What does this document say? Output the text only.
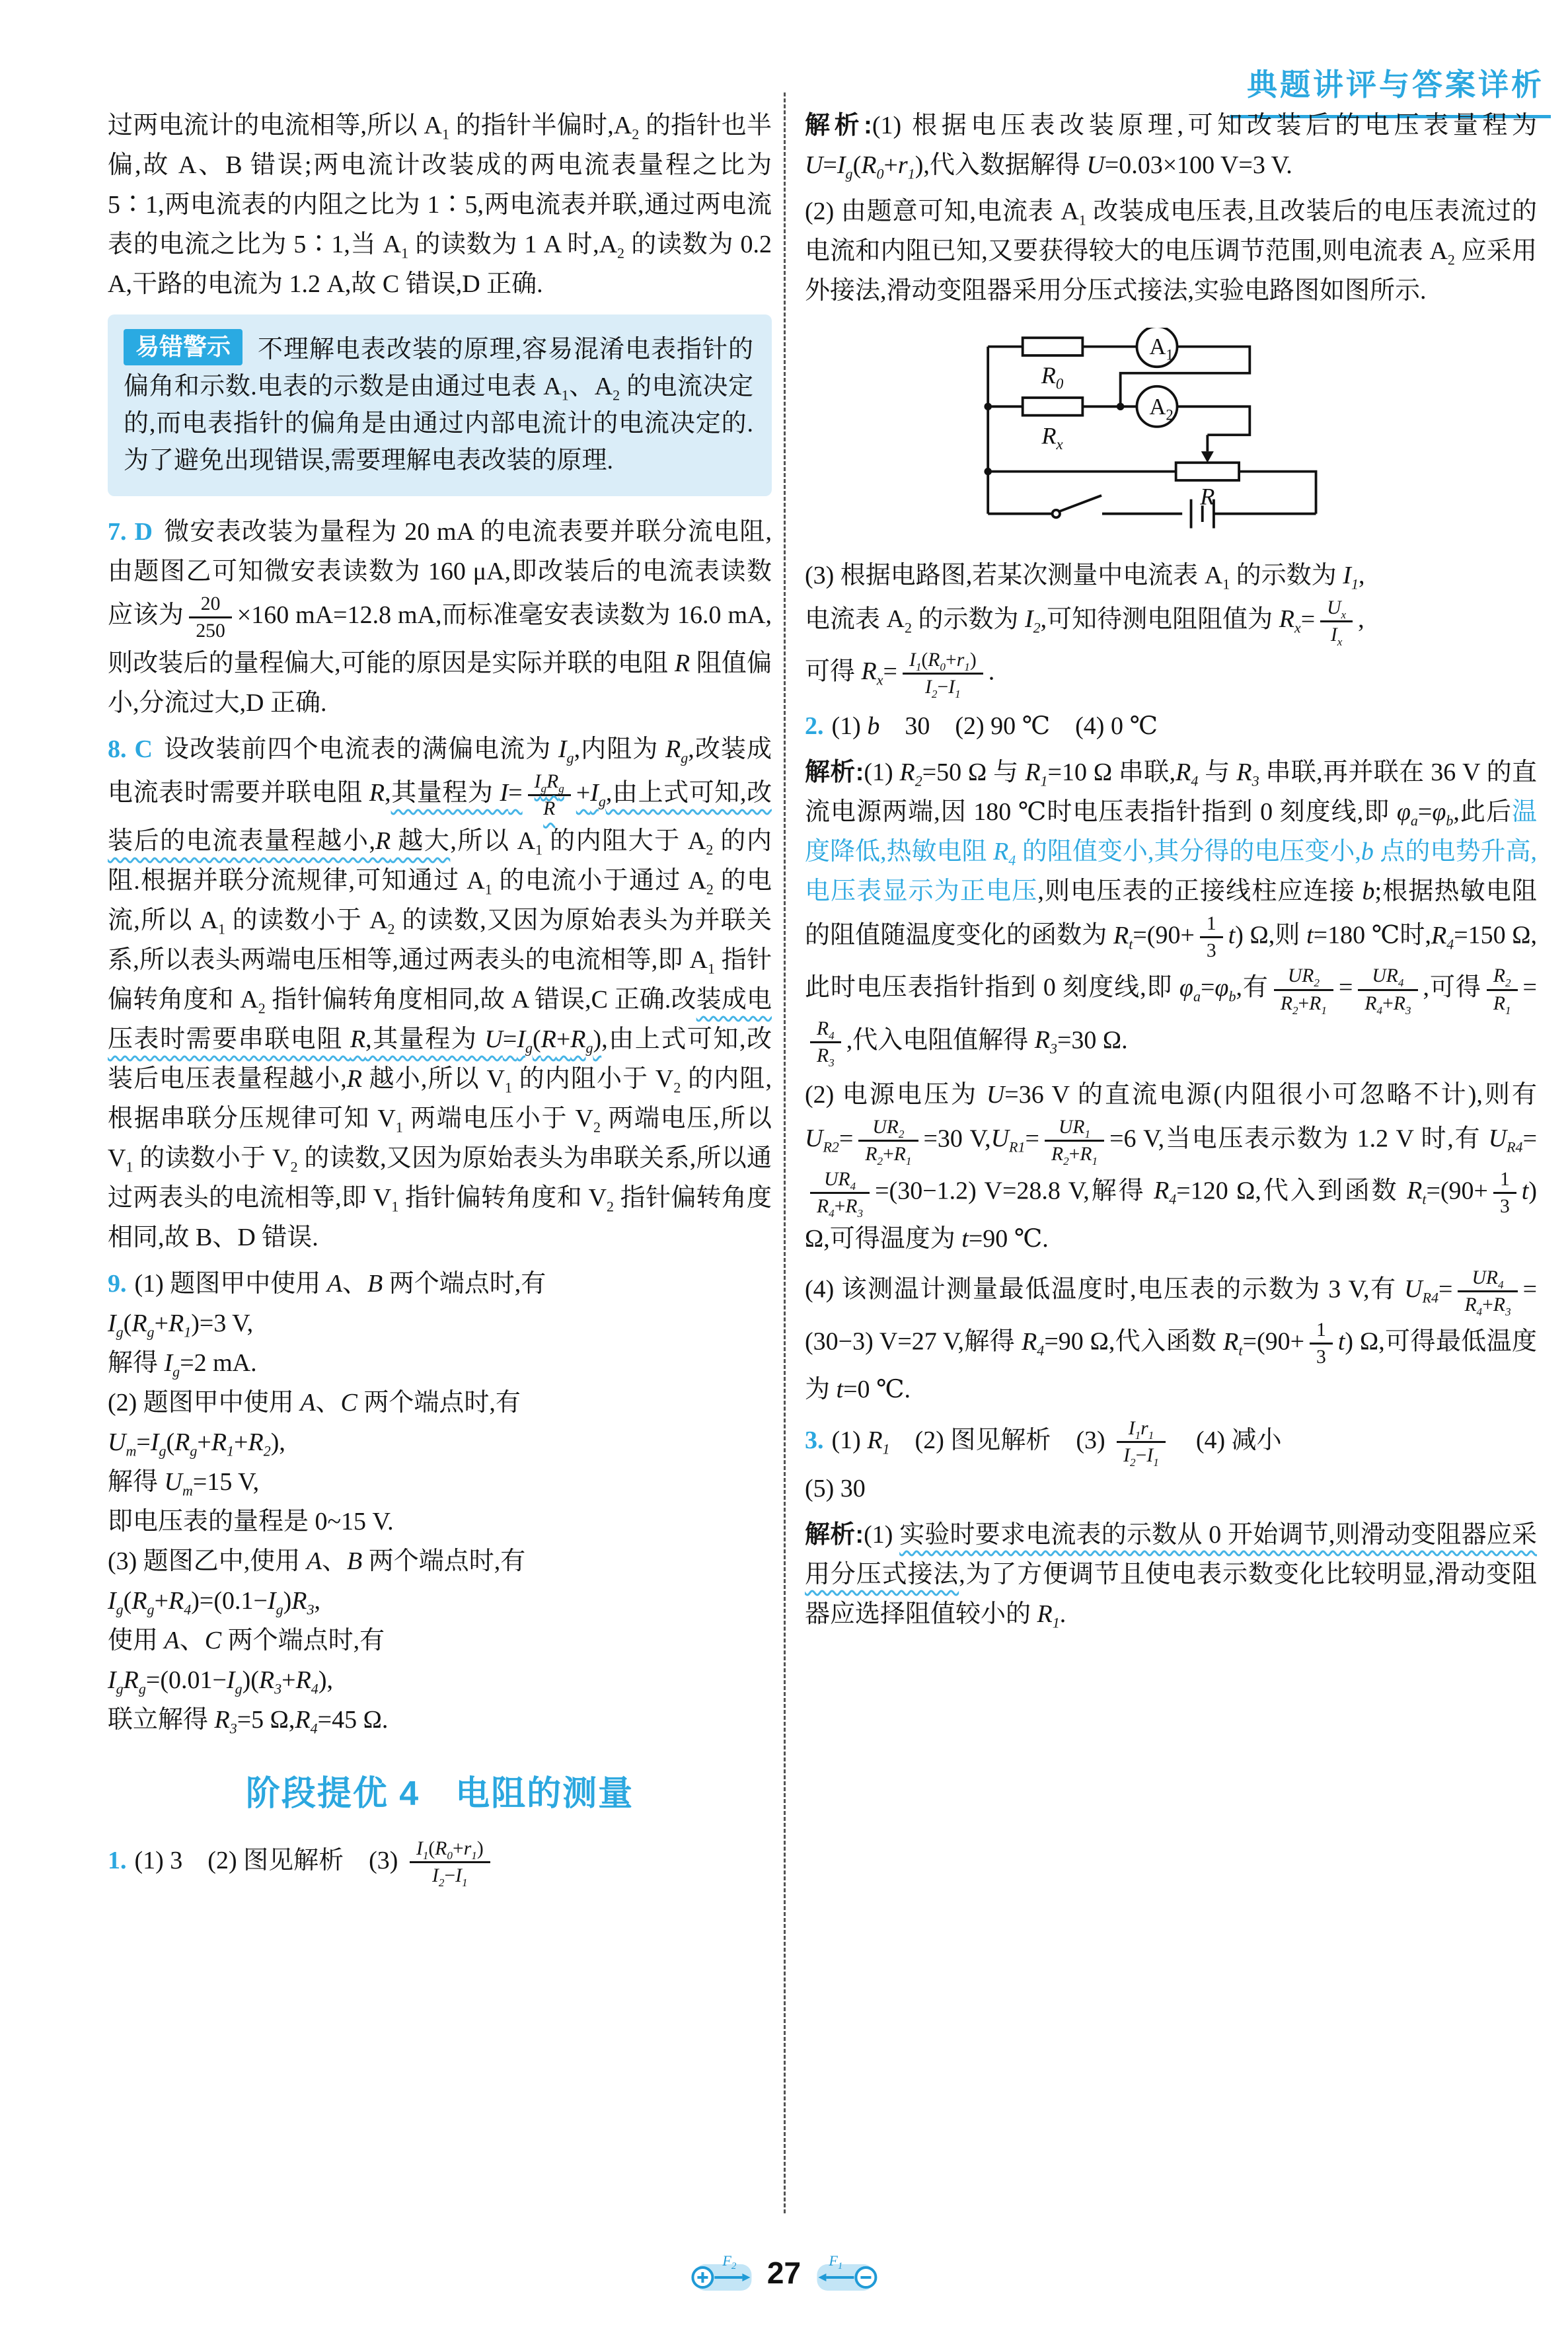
典题讲评与答案详析

过两电流计的电流相等,所以 $A_1$ 的指针半偏时$,A_2$ 的指针也半偏,故 A、B 错误;两电流计改装成的两电流表量程之比为 5∶1,两电流表的内阻之比为 1∶5,两电流表并联,通过两电流表的电流之比为 5∶1,当 $A_1$ 的读数为 1 A 时$,A_2$ 的读数为 0.2 A,干路的电流为 1.2 A,故 C 错误,D 正确.

易错警示 不理解电表改装的原理,容易混淆电表指针的偏角和示数.电表的示数是由通过电表 $A_1$、$A_2$ 的电流决定的,而电表指针的偏角是由通过内部电流计的电流决定的.为了避免出现错误,需要理解电表改装的原理.

7. D 微安表改装为量程为 20 mA 的电流表要并联分流电阻,由题图乙可知微安表读数为 160 μA,即改装后的电流表读数应该为 $\frac{20}{250} \times 160$ mA=12.8 mA,而标准毫安表读数为 16.0 mA,则改装后的量程偏大,可能的原因是实际并联的电阻 R 阻值偏小,分流过大,D 正确.

8. C 设改装前四个电流表的满偏电流为 $I_g$,内阻为 $R_g$,改装成电流表时需要并联电阻 R,其量程为 $I= \frac{I_gR_g}{R} +I_g$,由上式可知,改装后的电流表量程越小,R 越大,所以 $A_1$ 的内阻大于 $A_2$ 的内阻.根据并联分流规律,可知通过 $A_1$ 的电流小于通过 $A_2$ 的电流,所以 $A_1$ 的读数小于 $A_2$ 的读数,又因为原始表头为并联关系,所以表头两端电压相等,通过两表头的电流相等,即 $A_1$ 指针偏转角度和 $A_2$ 指针偏转角度相同,故 A 错误,C 正确.改装成电压表时需要串联电阻 R,其量程为 $U=I_g(R+R_g)$,由上式可知,改装后电压表量程越小,R 越小,所以 $V_1$ 的内阻小于 $V_2$ 的内阻,根据串联分压规律可知 $V_1$ 两端电压小于 $V_2$ 两端电压,所以 $V_1$ 的读数小于 $V_2$ 的读数,又因为原始表头为串联关系,所以通过两表头的电流相等,即 $V_1$ 指针偏转角度和 $V_2$ 指针偏转角度相同,故 B、D 错误.

9. (1) 题图甲中使用 A、B 两个端点时,有
$I_g(R_g+R_1)=3$ V,
解得 $I_g=2$ mA.
(2) 题图甲中使用 A、C 两个端点时,有
$U_m=I_g(R_g+R_1+R_2)$,
解得 $U_m=15$ V,
即电压表的量程是 0~15 V.
(3) 题图乙中,使用 A、B 两个端点时,有
$I_g(R_g+R_4)=(0.1-I_g)R_3$,
使用 A、C 两个端点时,有
$I_gR_g=(0.01-I_g)(R_3+R_4)$,
联立解得 $R_3=5$ $\Omega,R_4=45$ Ω.

阶段提优 4　电阻的测量

1. (1) 3　(2) 图见解析　$(3) \frac{I_1(R_0+r_1)}{I_2-I_1}$

解析:(1) 根据电压表改装原理,可知改装后的电压表量程为 $U=I_g(R_0+r_1)$,代入数据解得 U=0.03×100 V=3 V.

(2) 由题意可知,电流表 $A_1$ 改装成电压表,且改装后的电压表流过的电流和内阻已知,又要获得较大的电压调节范围,则电流表 $A_2$ 应采用外接法,滑动变阻器采用分压式接法,实验电路图如图所示.

$R_0$
$R_x$
R
$A_1$
$A_2$

(3) 根据电路图,若某次测量中电流表 $A_1$ 的示数为 $I_1$,
电流表 $A_2$ 的示数为 $I_2$,可知待测电阻阻值为 $R_x= \frac{U_x}{I_x}$ ,
可得 $R_x= \frac{I_1(R_0+r_1)}{I_2-I_1}$ .

2. (1) b　30　(2) 90 ℃　(4) 0 ℃

解析:(1) $R_2=50$ Ω 与 $R_1=10$ Ω 串联$,R_4$ 与 $R_3$ 串联,再并联在 36 V 的直流电源两端,因 180 ℃时电压表指针指到 0 刻度线,即 $\varphi_a=\varphi_b$,此后温度降低,热敏电阻 $R_4$ 的阻值变小,其分得的电压变小,b 点的电势升高,电压表显示为正电压,则电压表的正接线柱应连接 b;根据热敏电阻的阻值随温度变化的函数为 $R_t=(90+ \frac{1}{3} t)$ Ω,则 t=180 ℃时$,R_4=150$ Ω,此时电压表指针指到 0 刻度线,即 $\varphi_a=\varphi_b$,有 $\frac{UR_2}{R_2+R_1} = \frac{UR_4}{R_4+R_3}$ ,可得 $\frac{R_2}{R_1}$ =
$\frac{R_4}{R_3}$ ,代入电阻值解得 $R_3=30$ Ω.

(2) 电源电压为 U=36 V 的直流电源(内阻很小可忽略不计),则有 $U_{R2}= \frac{UR_2}{R_2+R_1} =30$ $V,U_{R1}= \frac{UR_1}{R_2+R_1} =6$ V,当电压表示数为 1.2 V 时,有 $U_{R4}=$
$\frac{UR_4}{R_4+R_3} =(30-1.2)$ V=28.8 V,解得 $R_4=120$ Ω,代入到函数 $R_t=(90+ \frac{1}{3} t)$ Ω,可得温度为 t=90 ℃.

(4) 该测温计测量最低温度时,电压表的示数为 3 V,有 $U_{R4}= \frac{UR_4}{R_4+R_3} =(30-3)$ V=27 V,解得 $R_4=90$ Ω,代入函数 $R_t=(90+ \frac{1}{3} t)$ Ω,可得最低温度为 t=0 ℃.

3. (1) $R_1$　(2) 图见解析　$(3) \frac{I_1r_1}{I_2-I_1}$ 　(4) 减小
(5) 30

解析:(1) 实验时要求电流表的示数从 0 开始调节,则滑动变阻器应采用分压式接法,为了方便调节且使电表示数变化比较明显,滑动变阻器应选择阻值较小的 $R_1$.

$F_2$ 27 $F_1$
